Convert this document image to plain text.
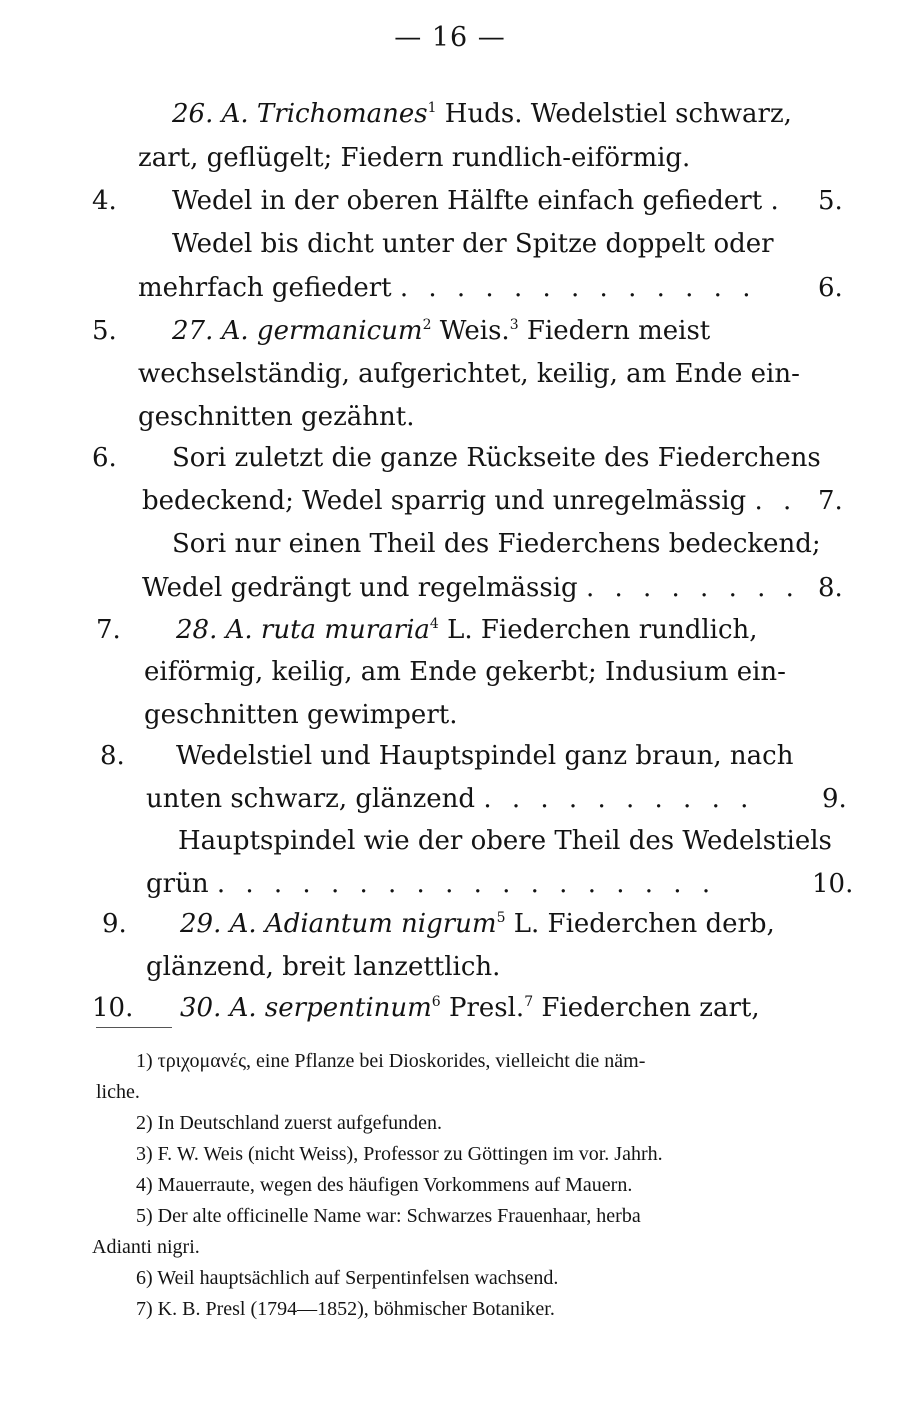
— 16 —
26. A. Trichomanes$^1$ Huds. Wedelstiel schwarz,
zart, geflügelt; Fiedern rundlich-eiförmig.
4. Wedel in der oberen Hälfte einfach gefiedert . 5.
Wedel bis dicht unter der Spitze doppelt oder
mehrfach gefiedert . . . . . . . . . . . . . 6.
5. 27. A. germanicum$^2$ Weis.$^3$ Fiedern meist
wechselständig, aufgerichtet, keilig, am Ende ein-
geschnitten gezähnt.
6. Sori zuletzt die ganze Rückseite des Fiederchens
bedeckend; Wedel sparrig und unregelmässig . . 7.
Sori nur einen Theil des Fiederchens bedeckend;
Wedel gedrängt und regelmässig . . . . . . . . 8.
7. 28. A. ruta muraria$^4$ L. Fiederchen rundlich,
eiförmig, keilig, am Ende gekerbt; Indusium ein-
geschnitten gewimpert.
8. Wedelstiel und Hauptspindel ganz braun, nach
unten schwarz, glänzend . . . . . . . . . .	9.
Hauptspindel wie der obere Theil des Wedelstiels
grün . . . . . . . . . . . . . . . . . .	10.
9. 29. A. Adiantum nigrum$^5$ L. Fiederchen derb,
glänzend, breit lanzettlich.
10. 30. A. serpentinum$^6$ Presl.$^7$ Fiederchen zart,
1) τριχομανές, eine Pflanze bei Dioskorides, vielleicht die näm-
liche.
2) In Deutschland zuerst aufgefunden.
3) F. W. Weis (nicht Weiss), Professor zu Göttingen im vor. Jahrh.
4) Mauerraute, wegen des häufigen Vorkommens auf Mauern.
5) Der alte officinelle Name war: Schwarzes Frauenhaar, herba
Adianti nigri.
6) Weil hauptsächlich auf Serpentinfelsen wachsend.
7) K. B. Presl (1794—1852), böhmischer Botaniker.
